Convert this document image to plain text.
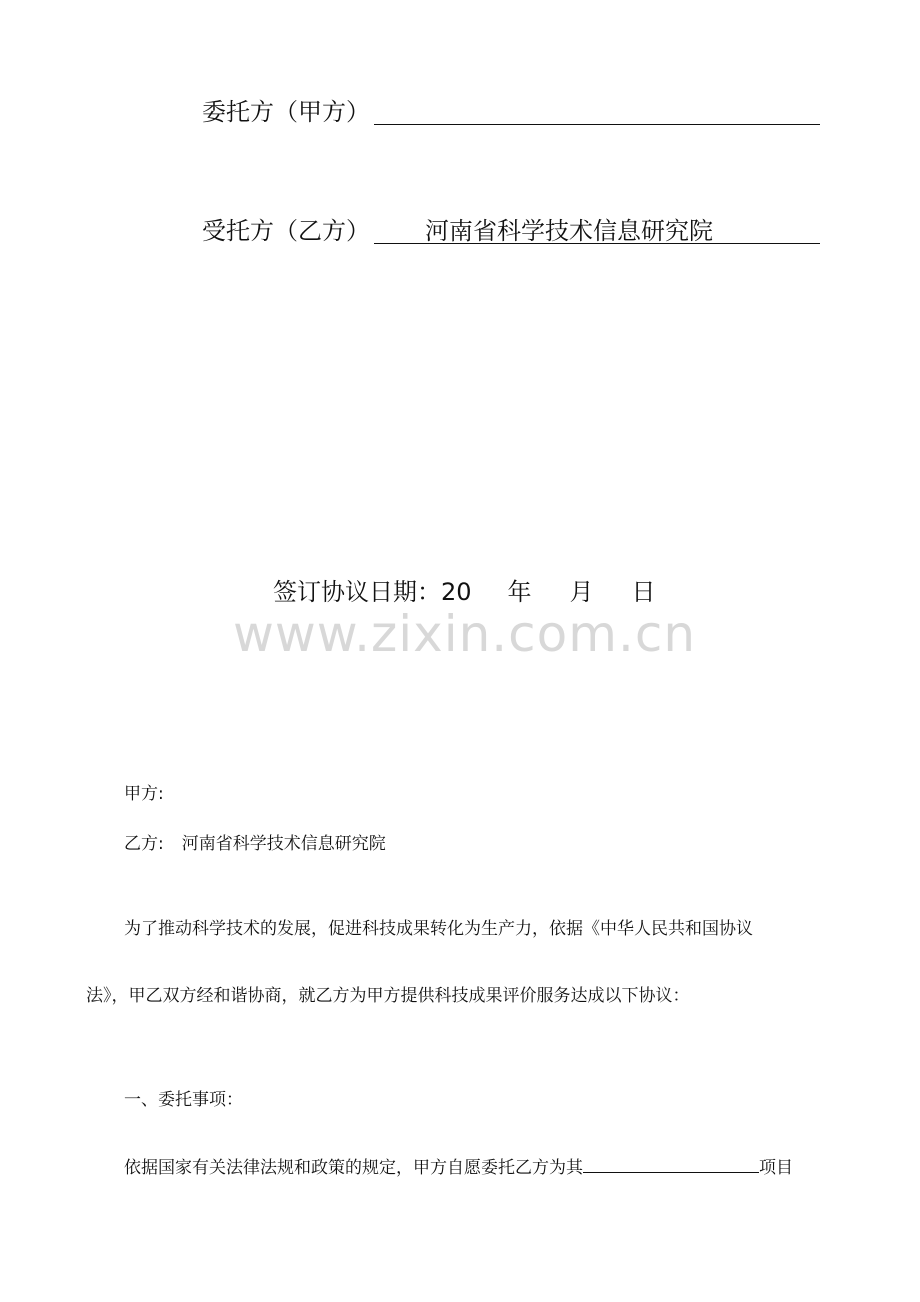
委托方（甲方）
受托方（乙方） 河南省科学技术信息研究院
签订协议日期：20 年 月 日
www.zixin.com.cn
甲方:
乙方: 河南省科学技术信息研究院
为了推动科学技术的发展，促进科技成果转化为生产力，依据《中华人民共和国协议
法》，甲乙双方经和谐协商，就乙方为甲方提供科技成果评价服务达成以下协议：
一、委托事项：
依据国家有关法律法规和政策的规定，甲方自愿委托乙方为其	项目
